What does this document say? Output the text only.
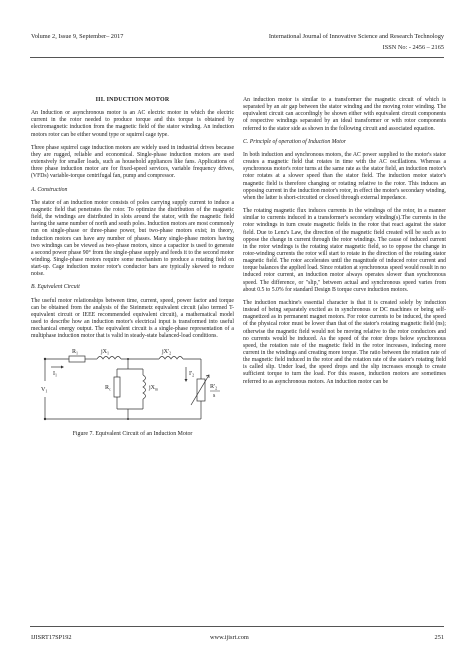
Volume 2, Issue 9, September– 2017	International Journal of Innovative Science and Research Technology
ISSN No: - 2456 – 2165
III. INDUCTION MOTOR

An Induction or asynchronous motor is an AC electric motor in which the electric current in the rotor needed to produce torque and this torque is obtained by electromagnetic induction from the magnetic field of the stator winding. An induction motors rotor can be either wound type or squirrel cage type.

Three phase squirrel cage induction motors are widely used in industrial drives because they are rugged, reliable and economical. Single-phase induction motors are used extensively for smaller loads, such as household appliances like fans. Applications of three phase induction motor are for fixed-speed services, variable frequency drives, (VFDs) variable-torque centrifugal fan, pump and compressor.

A. Construction

The stator of an induction motor consists of poles carrying supply current to induce a magnetic field that penetrates the rotor. To optimize the distribution of the magnetic field, the windings are distributed in slots around the stator, with the magnetic field having the same number of north and south poles. Induction motors are most commonly run on single-phase or three-phase power, but two-phase motors exist; in theory, induction motors can have any number of phases. Many single-phase motors having two windings can be viewed as two-phase motors, since a capacitor is used to generate a second power phase 90° from the single-phase supply and feeds it to the second motor winding. Single-phase motors require some mechanism to produce a rotating field on start-up. Cage induction motor rotor's conductor bars are typically skewed to reduce noise.

B. Equivalent Circuit

The useful motor relationships between time, current, speed, power factor and torque can be obtained from the analysis of the Steinmetz equivalent circuit (also termed T-equivalent circuit or IEEE recommended equivalent circuit), a mathematical model used to describe how an induction motor's electrical input is transformed into useful mechanical energy output. The equivalent circuit is a single-phase representation of a multiphase induction motor that is valid in steady-state balanced-load conditions.

$V_1$
$R_1$	$jX_1$	$jX'_2$
$I_1$	$I'_2$
$R_c$	$jX_m$	$R'_2$
s
Figure 7. Equivalent Circuit of an Induction Motor

An induction motor is similar to a transformer the magnetic circuit of which is separated by an air gap between the stator winding and the moving rotor winding. The equivalent circuit can accordingly be shown either with equivalent circuit components of respective windings separated by an ideal transformer or with rotor components referred to the stator side as shown in the following circuit and associated equation.

C. Principle of operation of Induction Motor

In both induction and synchronous motors, the AC power supplied to the motor's stator creates a magnetic field that rotates in time with the AC oscillations. Whereas a synchronous motor's rotor turns at the same rate as the stator field, an induction motor's rotor rotates at a slower speed than the stator field. The induction motor stator's magnetic field is therefore changing or rotating relative to the rotor. This induces an opposing current in the induction motor's rotor, in effect the motor's secondary winding, when the latter is short-circuited or closed through external impedance.

The rotating magnetic flux induces currents in the windings of the rotor, in a manner similar to currents induced in a transformer's secondary winding(s).The currents in the rotor windings in turn create magnetic fields in the rotor that react against the stator field. Due to Lenz's Law, the direction of the magnetic field created will be such as to oppose the change in current through the rotor windings. The cause of induced current in the rotor windings is the rotating stator magnetic field, so to oppose the change in rotor-winding currents the rotor will start to rotate in the direction of the rotating stator magnetic field. The rotor accelerates until the magnitude of induced rotor current and torque balances the applied load. Since rotation at synchronous speed would result in no induced rotor current, an induction motor always operates slower than synchronous speed. The difference, or "slip," between actual and synchronous speed varies from about 0.5 to 5.0% for standard Design B torque curve induction motors.

The induction machine's essential character is that it is created solely by induction instead of being separately excited as in synchronous or DC machines or being self-magnetized as in permanent magnet motors. For rotor currents to be induced, the speed of the physical rotor must be lower than that of the stator's rotating magnetic field (ns); otherwise the magnetic field would not be moving relative to the rotor conductors and no currents would be induced. As the speed of the rotor drops below synchronous speed, the rotation rate of the magnetic field in the rotor increases, inducing more current in the windings and creating more torque. The ratio between the rotation rate of the magnetic field induced in the rotor and the rotation rate of the stator's rotating field is called slip. Under load, the speed drops and the slip increases enough to create sufficient torque to turn the load. For this reason, induction motors are sometimes referred to as asynchronous motors. An induction motor can be

IJISRT17SP192	www.ijisrt.com	251
